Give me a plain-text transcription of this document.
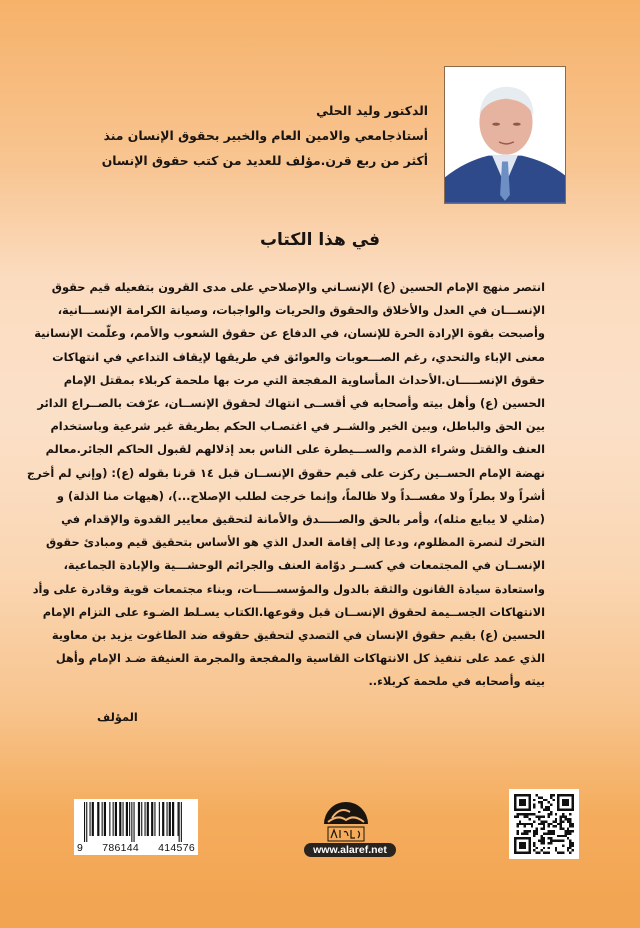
الدكتور وليد الحلي
أستاذجامعي والامين العام والخبير بحقوق الإنسان منذ
أكثر من ربع قرن.مؤلف للعديد من كتب حقوق الإنسان
في هذا الكتاب
انتصر منهج الإمام الحسين (ع) الإنسـاني والإصلاحي على مدى القرون بتفعيله قيم حقوق
الإنســـان في العدل والأخلاق والحقوق والحريات والواجبات، وصيانة الكرامة الإنســـانية،
وأصبحت بقوة الإرادة الحرة للإنسان، في الدفاع عن حقوق الشعوب والأمم، وعلّمت الإنسانية
معنى الإباء والتحدي، رغم الصـــعوبات والعوائق في طريقها لإيقاف التداعي في انتهاكات
حقوق الإنســـــان.الأحداث المأساوية المفجعة التي مرت بها ملحمة كربلاء بمقتل الإمام
الحسين (ع) وأهل بيته وأصحابه في أقســى انتهاك لحقوق الإنســان، عرّفت بالصــراع الدائر
بين الحق والباطل، وبين الخير والشــر في اغتصـاب الحكم بطريقة غير شرعية وباستخدام
العنف والقتل وشراء الذمم والســـيطرة على الناس بعد إذلالهم لقبول الحاكم الجائر.معالم
نهضة الإمام الحســين ركزت على قيم حقوق الإنســان قبل ١٤ قرنا بقوله (ع): (وإني لم أخرج
أشراً ولا بطراً ولا مفســداً ولا ظالماً، وإنما خرجت لطلب الإصلاح...)، (هيهات منا الذلة) و
(مثلي لا يبايع مثله)، وأمر بالحق والصـــــدق والأمانة لتحقيق معايير القدوة والإقدام في
التحرك لنصرة المظلوم، ودعا إلى إقامة العدل الذي هو الأساس بتحقيق قيم ومبادئ حقوق
الإنســان في المجتمعات في كســر دوّامة العنف والجرائم الوحشـــية والإبادة الجماعية،
واستعادة سيادة القانون والثقة بالدول والمؤسســـــات، وبناء مجتمعات قوية وقادرة على وأد
الانتهاكات الجســيمة لحقوق الإنســان قبل وقوعها.الكتاب يسـلط الضـوء على التزام الإمام
الحسين (ع) بقيم حقوق الإنسان في التصدي لتحقيق حقوقه ضد الطاغوت يزيد بن معاوية
الذي عمد على تنفيذ كل الانتهاكات القاسية والمفجعة والمجرمة العنيفة ضـد الإمام وأهل
بيته وأصحابه في ملحمة كربلاء..
المؤلف
9 786144 414576	www.alaref.net
